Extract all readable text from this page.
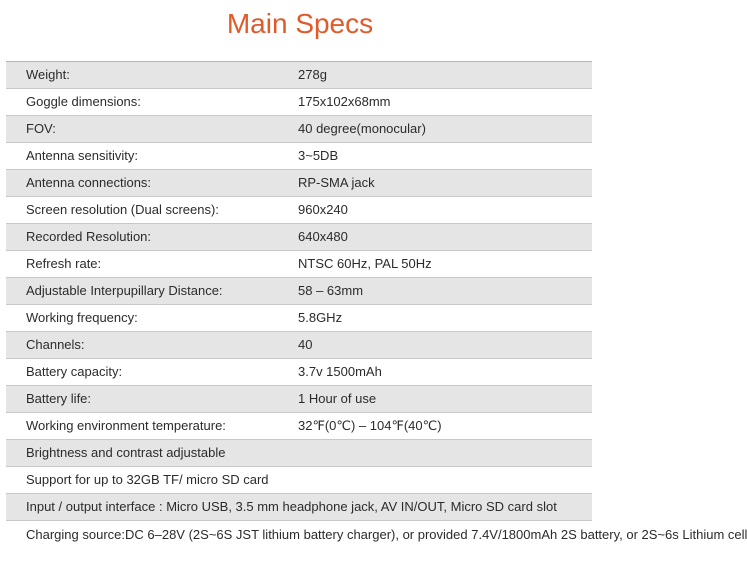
Main Specs
Weight:	278g
Goggle dimensions:	175x102x68mm
FOV:	40 degree(monocular)
Antenna sensitivity:	3~5DB
Antenna connections:	RP-SMA jack
Screen resolution (Dual screens):	960x240
Recorded Resolution:	640x480
Refresh rate:	NTSC 60Hz, PAL 50Hz
Adjustable Interpupillary Distance:	58 – 63mm
Working frequency:	5.8GHz
Channels:	40
Battery capacity:	3.7v 1500mAh
Battery life:	1 Hour of use
Working environment temperature:	32℉(0℃) – 104℉(40℃)
Brightness and contrast adjustable
Support for up to 32GB TF/ micro SD card
Input / output interface : Micro USB, 3.5 mm headphone jack, AV IN/OUT, Micro SD card slot
Charging source:DC 6–28V (2S~6S JST lithium battery charger), or provided 7.4V/1800mAh 2S battery, or 2S~6s Lithium cell
